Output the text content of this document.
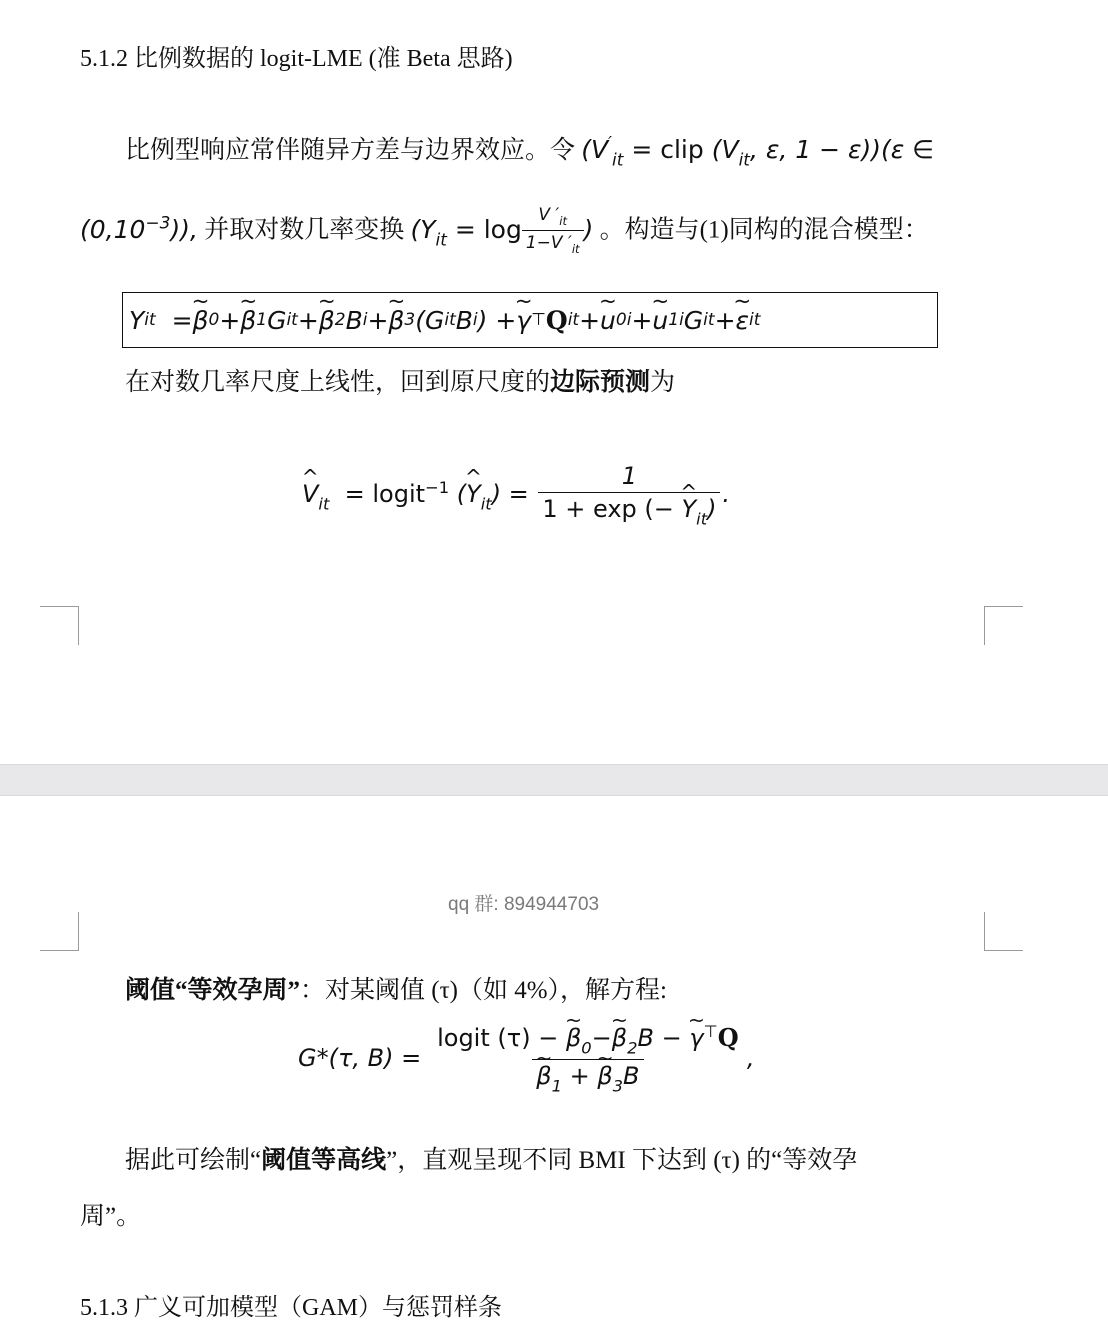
5.1.2 比例数据的 logit-LME (准 Beta 思路)
比例型响应常伴随异方差与边界效应。令 ($V'_{it}$ = clip ($V_{it}$, ε, 1 − ε))(ε ∈
$(0,10^{-3})$), 并取对数几率变换 ($Y_{it} = \log \frac{V '_{it}}{1-V '_{it}}$ ) 。构造与(1)同构的混合模型：
Y it = ~ β 0 + ~ β 1 G it + ~ β 2 B i + ~ β 3 (G it B i ) + ~ γ ⊤ Q it + ~ u 0i + ~ u 1i G it + ~ ε it
在对数几率尺度上线性，回到原尺度的边际预测为
^ $V_{it}$  = logit$^{-1}$ (^ $Y_{it}) = \frac{1}{1 + \exp (- \^{} Y_{it})}$ .
qq 群: 894944703
阈值“等效孕周”：对某阈值 (τ)（如 4%），解方程:
G*(τ, B) = logit (τ) − ~ $\beta_0-\sim$ $\beta_2B$ − ~ γ⊤Q
~ $\beta_1$ + ~ $\beta_3B$ ,
据此可绘制“阈值等高线”，直观呈现不同 BMI 下达到 (τ) 的“等效孕
周”。
5.1.3 广义可加模型（GAM）与惩罚样条
